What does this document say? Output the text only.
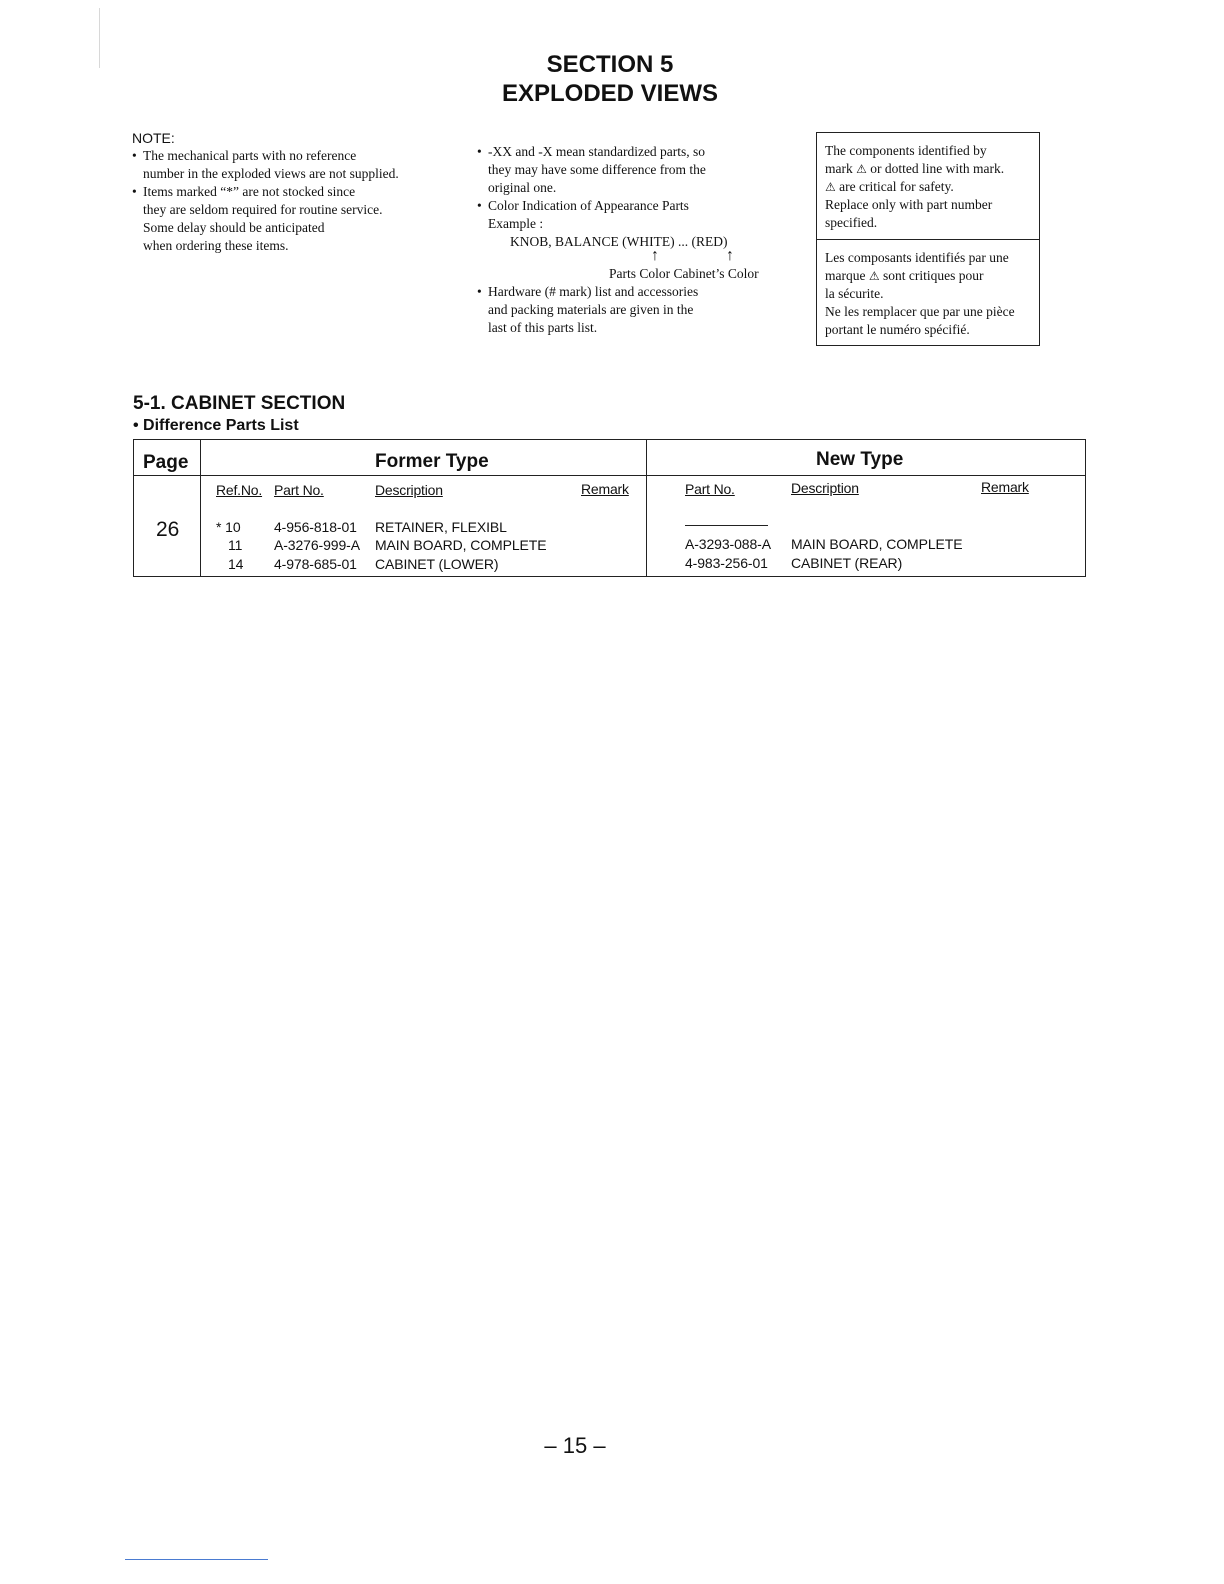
SECTION 5
EXPLODED VIEWS
NOTE:
• The mechanical parts with no reference
number in the exploded views are not supplied.
• Items marked “*” are not stocked since
they are seldom required for routine service.
Some delay should be anticipated
when ordering these items.
• -XX and -X mean standardized parts, so
they may have some difference from the
original one.
• Color Indication of Appearance Parts
Example :
KNOB, BALANCE (WHITE) ... (RED)
↑	↑
Parts Color Cabinet’s Color
• Hardware (# mark) list and accessories
and packing materials are given in the
last of this parts list.
The components identified by
mark ⚠ or dotted line with mark.
⚠ are critical for safety.
Replace only with part number
specified.
Les composants identifiés par une
marque ⚠ sont critiques pour
la sécurite.
Ne les remplacer que par une pièce
portant le numéro spécifié.
5-1. CABINET SECTION
• Difference Parts List
Page	Former Type	New Type
Ref.No. Part No.	Description	Remark	Part No.	Description	Remark
26	* 10 4-956-818-01 RETAINER, FLEXIBL
11 A-3276-999-A MAIN BOARD, COMPLETE	A-3293-088-A MAIN BOARD, COMPLETE
14 4-978-685-01 CABINET (LOWER)	4-983-256-01 CABINET (REAR)
– 15 –
